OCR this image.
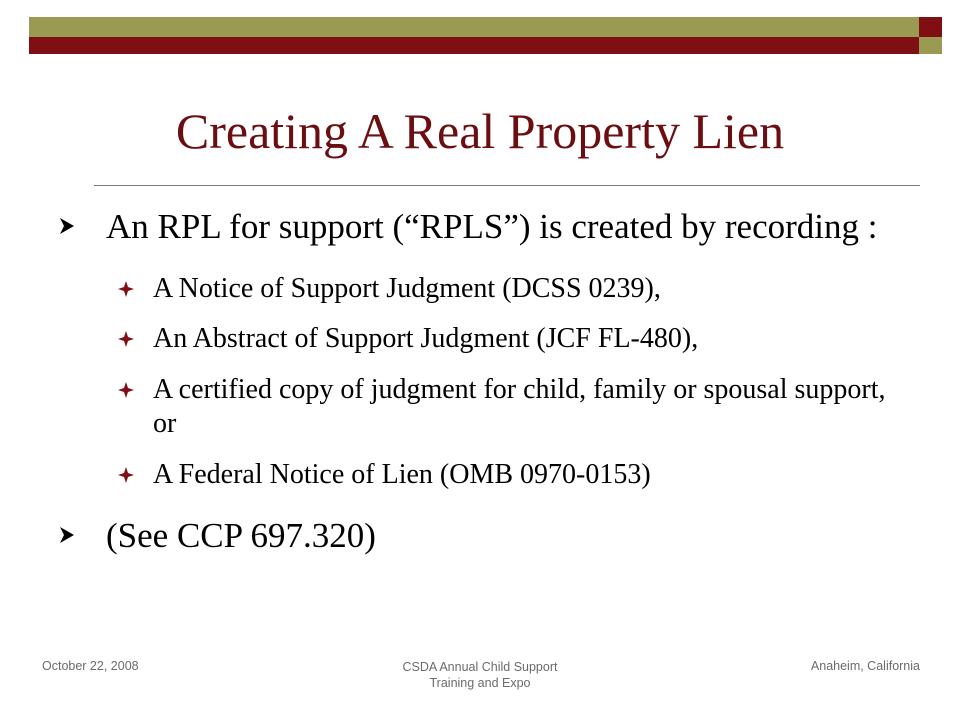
Creating A Real Property Lien
An RPL for support (“RPLS”) is created by recording :
A Notice of Support Judgment (DCSS 0239),
An Abstract of Support Judgment (JCF FL-480),
A certified copy of judgment for child, family or spousal support, or
A Federal Notice of Lien (OMB 0970-0153)
(See CCP 697.320)
October 22, 2008	CSDA Annual Child Support
Training and Expo
Anaheim, California
